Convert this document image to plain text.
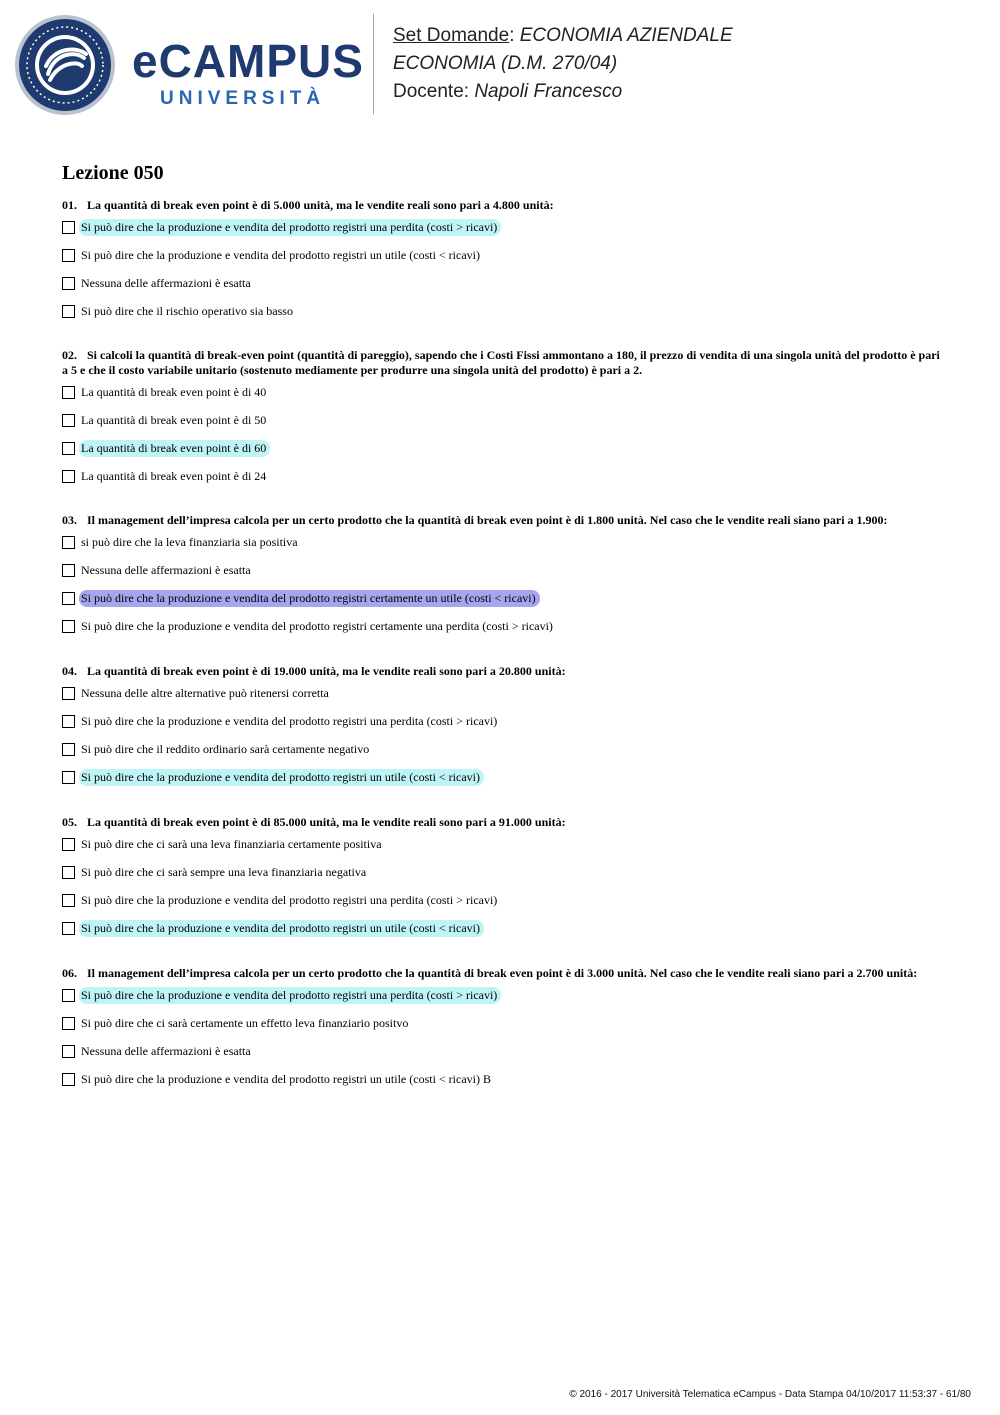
eCAMPUS
UNIVERSITÀ
Set Domande: ECONOMIA AZIENDALE
ECONOMIA (D.M. 270/04)
Docente: Napoli Francesco
Lezione 050
01. La quantità di break even point è di 5.000 unità, ma le vendite reali sono pari a 4.800 unità:
Si può dire che la produzione e vendita del prodotto registri una perdita (costi > ricavi)
Si può dire che la produzione e vendita del prodotto registri un utile (costi < ricavi)
Nessuna delle affermazioni è esatta
Si può dire che il rischio operativo sia basso
02. Si calcoli la quantità di break-even point (quantità di pareggio), sapendo che i Costi Fissi ammontano a 180, il prezzo di vendita di una singola unità del prodotto è pari a 5 e che il costo variabile unitario (sostenuto mediamente per produrre una singola unità del prodotto) è pari a 2.
La quantità di break even point è di 40
La quantità di break even point è di 50
La quantità di break even point è di 60
La quantità di break even point è di 24
03. Il management dell’impresa calcola per un certo prodotto che la quantità di break even point è di 1.800 unità. Nel caso che le vendite reali siano pari a 1.900:
si può dire che la leva finanziaria sia positiva
Nessuna delle affermazioni è esatta
Si può dire che la produzione e vendita del prodotto registri certamente un utile (costi < ricavi)
Si può dire che la produzione e vendita del prodotto registri certamente una perdita (costi > ricavi)
04. La quantità di break even point è di 19.000 unità, ma le vendite reali sono pari a 20.800 unità:
Nessuna delle altre alternative può ritenersi corretta
Si può dire che la produzione e vendita del prodotto registri una perdita (costi > ricavi)
Si può dire che il reddito ordinario sarà certamente negativo
Si può dire che la produzione e vendita del prodotto registri un utile (costi < ricavi)
05. La quantità di break even point è di 85.000 unità, ma le vendite reali sono pari a 91.000 unità:
Si può dire che ci sarà una leva finanziaria certamente positiva
Si può dire che ci sarà sempre una leva finanziaria negativa
Si può dire che la produzione e vendita del prodotto registri una perdita (costi > ricavi)
Si può dire che la produzione e vendita del prodotto registri un utile (costi < ricavi)
06. Il management dell’impresa calcola per un certo prodotto che la quantità di break even point è di 3.000 unità. Nel caso che le vendite reali siano pari a 2.700 unità:
Si può dire che la produzione e vendita del prodotto registri una perdita (costi > ricavi)
Si può dire che ci sarà certamente un effetto leva finanziario positvo
Nessuna delle affermazioni è esatta
Si può dire che la produzione e vendita del prodotto registri un utile (costi < ricavi) B
© 2016 - 2017 Università Telematica eCampus - Data Stampa 04/10/2017 11:53:37 - 61/80
